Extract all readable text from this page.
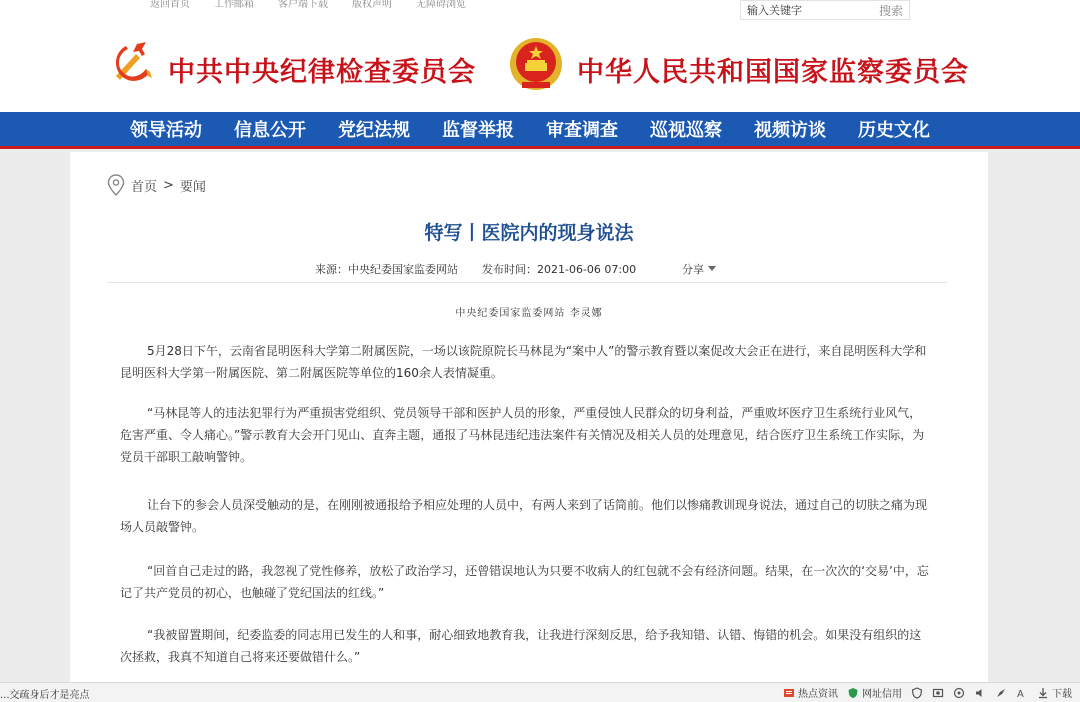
返回首页 工作邮箱 客户端下载 版权声明 无障碍浏览
输入关键字	搜索
中共中央纪律检查委员会	中华人民共和国国家监察委员会
领导活动 信息公开 党纪法规 监督举报 审查调查 巡视巡察 视频访谈 历史文化
首页 > 要闻
特写丨医院内的现身说法
来源：中央纪委国家监委网站 发布时间：2021-06-06 07:00	分享
中央纪委国家监委网站 李灵娜

5月28日下午，云南省昆明医科大学第二附属医院，一场以该院原院长马林昆为“案中人”的警示教育暨以案促改大会正在进行，来自昆明医科大学和昆明医科大学第一附属医院、第二附属医院等单位的160余人表情凝重。

“马林昆等人的违法犯罪行为严重损害党组织、党员领导干部和医护人员的形象，严重侵蚀人民群众的切身利益，严重败坏医疗卫生系统行业风气，危害严重、令人痛心。”警示教育大会开门见山、直奔主题，通报了马林昆违纪违法案件有关情况及相关人员的处理意见，结合医疗卫生系统工作实际，为党员干部职工敲响警钟。

让台下的参会人员深受触动的是，在刚刚被通报给予相应处理的人员中，有两人来到了话筒前。他们以惨痛教训现身说法，通过自己的切肤之痛为现场人员敲警钟。

“回首自己走过的路，我忽视了党性修养，放松了政治学习，还曾错误地认为只要不收病人的红包就不会有经济问题。结果，在一次次的‘交易’中，忘记了共产党员的初心，也触碰了党纪国法的红线。”

“我被留置期间，纪委监委的同志用已发生的人和事，耐心细致地教育我，让我进行深刻反思，给予我知错、认错、悔错的机会。如果没有组织的这次拯救，我真不知道自己将来还要做错什么。”

...交疏身后才是亮点	热点资讯 网址信用	A	下载
